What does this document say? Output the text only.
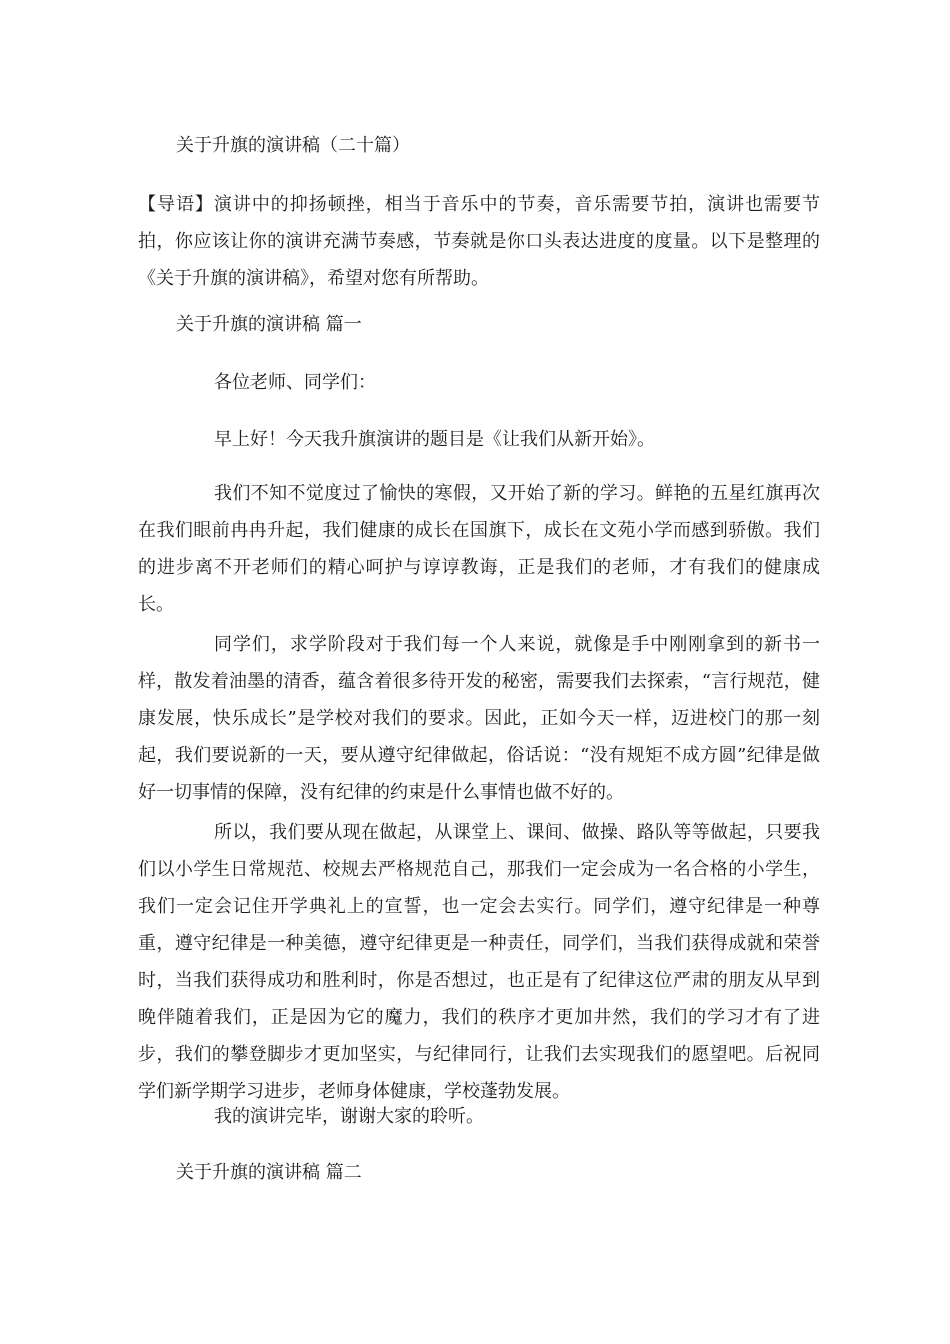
关于升旗的演讲稿（二十篇）

【导语】演讲中的抑扬顿挫，相当于音乐中的节奏，音乐需要节拍，演讲也需要节拍，你应该让你的演讲充满节奏感，节奏就是你口头表达进度的度量。以下是整理的《关于升旗的演讲稿》，希望对您有所帮助。

关于升旗的演讲稿 篇一

各位老师、同学们：

早上好！今天我升旗演讲的题目是《让我们从新开始》。

我们不知不觉度过了愉快的寒假，又开始了新的学习。鲜艳的五星红旗再次在我们眼前冉冉升起，我们健康的成长在国旗下，成长在文苑小学而感到骄傲。我们的进步离不开老师们的精心呵护与谆谆教诲，正是我们的老师，才有我们的健康成长。

同学们，求学阶段对于我们每一个人来说，就像是手中刚刚拿到的新书一样，散发着油墨的清香，蕴含着很多待开发的秘密，需要我们去探索，“言行规范，健康发展，快乐成长”是学校对我们的要求。因此，正如今天一样，迈进校门的那一刻起，我们要说新的一天，要从遵守纪律做起，俗话说：“没有规矩不成方圆”纪律是做好一切事情的保障，没有纪律的约束是什么事情也做不好的。

所以，我们要从现在做起，从课堂上、课间、做操、路队等等做起，只要我们以小学生日常规范、校规去严格规范自己，那我们一定会成为一名合格的小学生，我们一定会记住开学典礼上的宣誓，也一定会去实行。同学们，遵守纪律是一种尊重，遵守纪律是一种美德，遵守纪律更是一种责任，同学们，当我们获得成就和荣誉时，当我们获得成功和胜利时，你是否想过，也正是有了纪律这位严肃的朋友从早到晚伴随着我们，正是因为它的魔力，我们的秩序才更加井然，我们的学习才有了进步，我们的攀登脚步才更加坚实，与纪律同行，让我们去实现我们的愿望吧。后祝同学们新学期学习进步，老师身体健康，学校蓬勃发展。

我的演讲完毕，谢谢大家的聆听。

关于升旗的演讲稿 篇二
